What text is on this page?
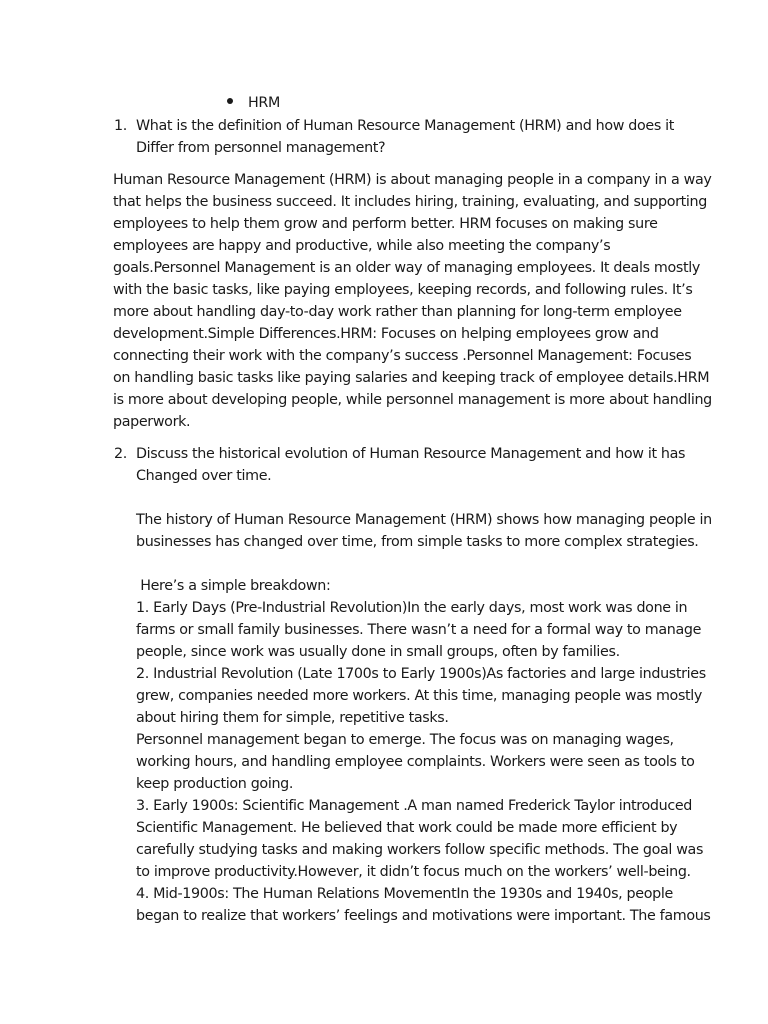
HRM
1. What is the definition of Human Resource Management (HRM) and how does it
Differ from personnel management?
Human Resource Management (HRM) is about managing people in a company in a way
that helps the business succeed. It includes hiring, training, evaluating, and supporting
employees to help them grow and perform better. HRM focuses on making sure
employees are happy and productive, while also meeting the company’s
goals.Personnel Management is an older way of managing employees. It deals mostly
with the basic tasks, like paying employees, keeping records, and following rules. It’s
more about handling day-to-day work rather than planning for long-term employee
development.Simple Differences.HRM: Focuses on helping employees grow and
connecting their work with the company’s success .Personnel Management: Focuses
on handling basic tasks like paying salaries and keeping track of employee details.HRM
is more about developing people, while personnel management is more about handling
paperwork.
2. Discuss the historical evolution of Human Resource Management and how it has
Changed over time.
The history of Human Resource Management (HRM) shows how managing people in
businesses has changed over time, from simple tasks to more complex strategies.
Here’s a simple breakdown:
1. Early Days (Pre-Industrial Revolution)In the early days, most work was done in
farms or small family businesses. There wasn’t a need for a formal way to manage
people, since work was usually done in small groups, often by families.
2. Industrial Revolution (Late 1700s to Early 1900s)As factories and large industries
grew, companies needed more workers. At this time, managing people was mostly
about hiring them for simple, repetitive tasks.
Personnel management began to emerge. The focus was on managing wages,
working hours, and handling employee complaints. Workers were seen as tools to
keep production going.
3. Early 1900s: Scientific Management .A man named Frederick Taylor introduced
Scientific Management. He believed that work could be made more efficient by
carefully studying tasks and making workers follow specific methods. The goal was
to improve productivity.However, it didn’t focus much on the workers’ well-being.
4. Mid-1900s: The Human Relations MovementIn the 1930s and 1940s, people
began to realize that workers’ feelings and motivations were important. The famous
